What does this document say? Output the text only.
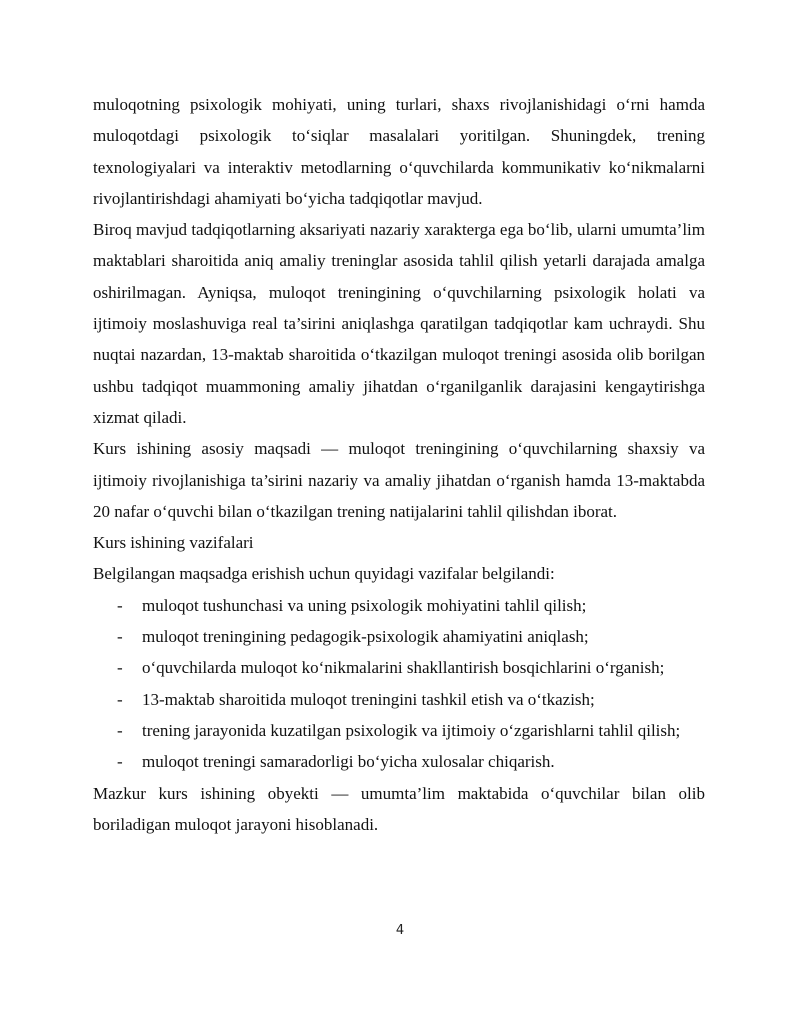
muloqotning psixologik mohiyati, uning turlari, shaxs rivojlanishidagi o‘rni hamda muloqotdagi psixologik to‘siqlar masalalari yoritilgan. Shuningdek, trening texnologiyalari va interaktiv metodlarning o‘quvchilarda kommunikativ ko‘nikmalarni rivojlantirishdagi ahamiyati bo‘yicha tadqiqotlar mavjud.

Biroq mavjud tadqiqotlarning aksariyati nazariy xarakterga ega bo‘lib, ularni umumta’lim maktablari sharoitida aniq amaliy treninglar asosida tahlil qilish yetarli darajada amalga oshirilmagan. Ayniqsa, muloqot treningining o‘quvchilarning psixologik holati va ijtimoiy moslashuviga real ta’sirini aniqlashga qaratilgan tadqiqotlar kam uchraydi. Shu nuqtai nazardan, 13-maktab sharoitida o‘tkazilgan muloqot treningi asosida olib borilgan ushbu tadqiqot muammoning amaliy jihatdan o‘rganilganlik darajasini kengaytirishga xizmat qiladi.

Kurs ishining asosiy maqsadi — muloqot treningining o‘quvchilarning shaxsiy va ijtimoiy rivojlanishiga ta’sirini nazariy va amaliy jihatdan o‘rganish hamda 13-maktabda 20 nafar o‘quvchi bilan o‘tkazilgan trening natijalarini tahlil qilishdan iborat.

Kurs ishining vazifalari

Belgilangan maqsadga erishish uchun quyidagi vazifalar belgilandi:

- muloqot tushunchasi va uning psixologik mohiyatini tahlil qilish;
- muloqot treningining pedagogik-psixologik ahamiyatini aniqlash;
- o‘quvchilarda muloqot ko‘nikmalarini shakllantirish bosqichlarini o‘rganish;
- 13-maktab sharoitida muloqot treningini tashkil etish va o‘tkazish;
- trening jarayonida kuzatilgan psixologik va ijtimoiy o‘zgarishlarni tahlil qilish;
- muloqot treningi samaradorligi bo‘yicha xulosalar chiqarish.

Mazkur kurs ishining obyekti — umumta’lim maktabida o‘quvchilar bilan olib boriladigan muloqot jarayoni hisoblanadi.

4
